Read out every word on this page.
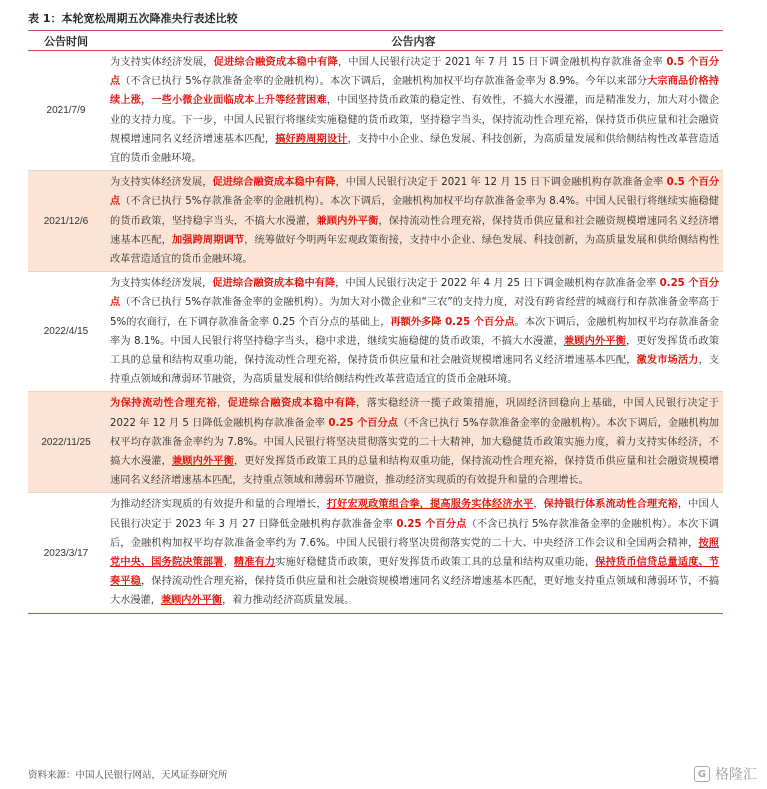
表 1：本轮宽松周期五次降准央行表述比较
公告时间	公告内容
2021/7/9	为支持实体经济发展，促进综合融资成本稳中有降，中国人民银行决定于 2021 年 7 月 15 日下调金融机构存款准备金率 0.5 个百分点（不含已执行 5%存款准备金率的金融机构）。本次下调后，金融机构加权平均存款准备金率为 8.9%。今年以来部分大宗商品价格持续上涨，一些小微企业面临成本上升等经营困难，中国坚持货币政策的稳定性、有效性，不搞大水漫灌，而是精准发力，加大对小微企业的支持力度。下一步，中国人民银行将继续实施稳健的货币政策，坚持稳字当头，保持流动性合理充裕，保持货币供应量和社会融资规模增速同名义经济增速基本匹配，搞好跨周期设计，支持中小企业、绿色发展、科技创新，为高质量发展和供给侧结构性改革营造适宜的货币金融环境。
2021/12/6	为支持实体经济发展，促进综合融资成本稳中有降，中国人民银行决定于 2021 年 12 月 15 日下调金融机构存款准备金率 0.5 个百分点（不含已执行 5%存款准备金率的金融机构）。本次下调后，金融机构加权平均存款准备金率为 8.4%。中国人民银行将继续实施稳健的货币政策，坚持稳字当头，不搞大水漫灌，兼顾内外平衡，保持流动性合理充裕，保持货币供应量和社会融资规模增速同名义经济增速基本匹配，加强跨周期调节，统筹做好今明两年宏观政策衔接，支持中小企业、绿色发展、科技创新，为高质量发展和供给侧结构性改革营造适宜的货币金融环境。
2022/4/15	为支持实体经济发展，促进综合融资成本稳中有降，中国人民银行决定于 2022 年 4 月 25 日下调金融机构存款准备金率 0.25 个百分点（不含已执行 5%存款准备金率的金融机构）。为加大对小微企业和“三农”的支持力度，对没有跨省经营的城商行和存款准备金率高于 5%的农商行，在下调存款准备金率 0.25 个百分点的基础上，再额外多降 0.25 个百分点。本次下调后，金融机构加权平均存款准备金率为 8.1%。中国人民银行将坚持稳字当头，稳中求进，继续实施稳健的货币政策，不搞大水漫灌，兼顾内外平衡，更好发挥货币政策工具的总量和结构双重功能，保持流动性合理充裕，保持货币供应量和社会融资规模增速同名义经济增速基本匹配，激发市场活力，支持重点领域和薄弱环节融资，为高质量发展和供给侧结构性改革营造适宜的货币金融环境。
2022/11/25	为保持流动性合理充裕，促进综合融资成本稳中有降，落实稳经济一揽子政策措施，巩固经济回稳向上基础，中国人民银行决定于 2022 年 12 月 5 日降低金融机构存款准备金率 0.25 个百分点（不含已执行 5%存款准备金率的金融机构）。本次下调后，金融机构加权平均存款准备金率约为 7.8%。中国人民银行将坚决贯彻落实党的二十大精神，加大稳健货币政策实施力度，着力支持实体经济，不搞大水漫灌，兼顾内外平衡，更好发挥货币政策工具的总量和结构双重功能，保持流动性合理充裕，保持货币供应量和社会融资规模增速同名义经济增速基本匹配，支持重点领域和薄弱环节融资，推动经济实现质的有效提升和量的合理增长。
2023/3/17	为推动经济实现质的有效提升和量的合理增长，打好宏观政策组合拳，提高服务实体经济水平，保持银行体系流动性合理充裕，中国人民银行决定于 2023 年 3 月 27 日降低金融机构存款准备金率 0.25 个百分点（不含已执行 5%存款准备金率的金融机构）。本次下调后，金融机构加权平均存款准备金率约为 7.6%。中国人民银行将坚决贯彻落实党的二十大、中央经济工作会议和全国两会精神，按照党中央、国务院决策部署，精准有力实施好稳健货币政策，更好发挥货币政策工具的总量和结构双重功能，保持货币信贷总量适度、节奏平稳，保持流动性合理充裕，保持货币供应量和社会融资规模增速同名义经济增速基本匹配，更好地支持重点领域和薄弱环节，不搞大水漫灌，兼顾内外平衡，着力推动经济高质量发展。
资料来源：中国人民银行网站，天风证券研究所	G 格隆汇
